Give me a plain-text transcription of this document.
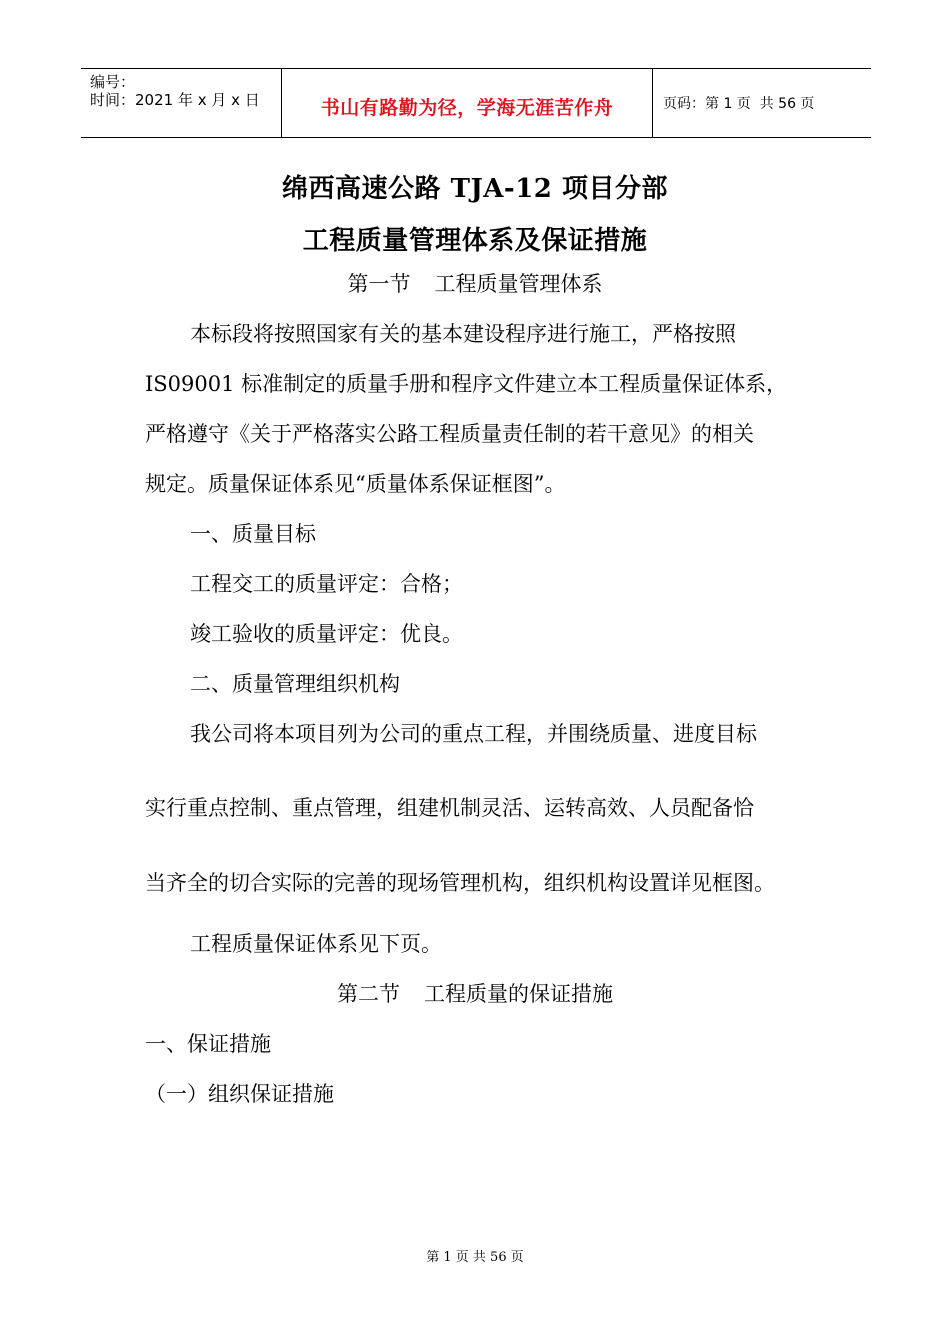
编号：
时间：2021 年 x 月 x 日	书山有路勤为径，学海无涯苦作舟	页码：第 1 页  共 56 页
绵西高速公路 TJA-12 项目分部
工程质量管理体系及保证措施
第一节 工程质量管理体系
本标段将按照国家有关的基本建设程序进行施工，严格按照
IS09001 标准制定的质量手册和程序文件建立本工程质量保证体系，
严格遵守《关于严格落实公路工程质量责任制的若干意见》的相关
规定。质量保证体系见“质量体系保证框图”。
一、质量目标
工程交工的质量评定：合格；
竣工验收的质量评定：优良。
二、质量管理组织机构
我公司将本项目列为公司的重点工程，并围绕质量、进度目标
实行重点控制、重点管理，组建机制灵活、运转高效、人员配备恰
当齐全的切合实际的完善的现场管理机构，组织机构设置详见框图。
工程质量保证体系见下页。
第二节 工程质量的保证措施
一、保证措施
（一）组织保证措施
第 1 页 共 56 页
